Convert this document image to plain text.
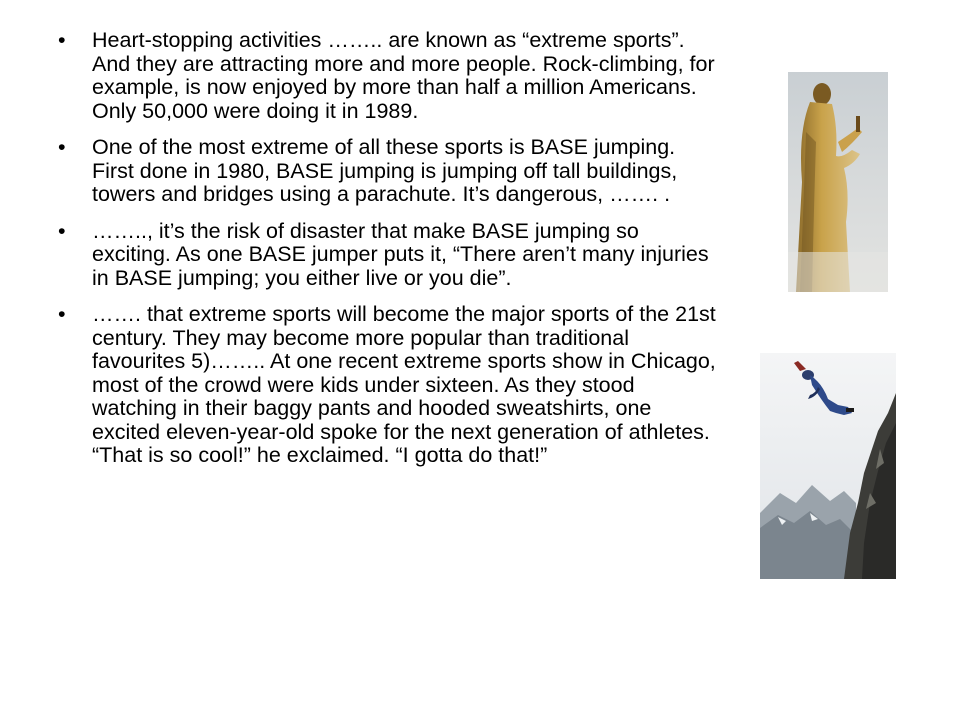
• Heart-stopping activities …….. are known as “extreme sports”. And they are attracting more and more people. Rock-climbing, for example, is now enjoyed by more than half a million Americans. Only 50,000 were doing it in 1989.
• One of the most extreme of all these sports is BASE jumping. First done in 1980, BASE jumping is jumping off tall buildings, towers and bridges using a parachute. It’s dangerous, ……. .
• …….., it’s the risk of disaster that make BASE jumping so exciting. As one BASE jumper puts it, “There aren’t many injuries in BASE jumping; you either live or you die”.
• ……. that extreme sports will become the major sports of the 21st century. They may become more popular than traditional favourites 5)…….. At one recent extreme sports show in Chicago, most of the crowd were kids under sixteen. As they stood watching in their baggy pants and hooded sweatshirts, one excited eleven-year-old spoke for the next generation of athletes. “That is so cool!” he exclaimed. “I gotta do that!”
